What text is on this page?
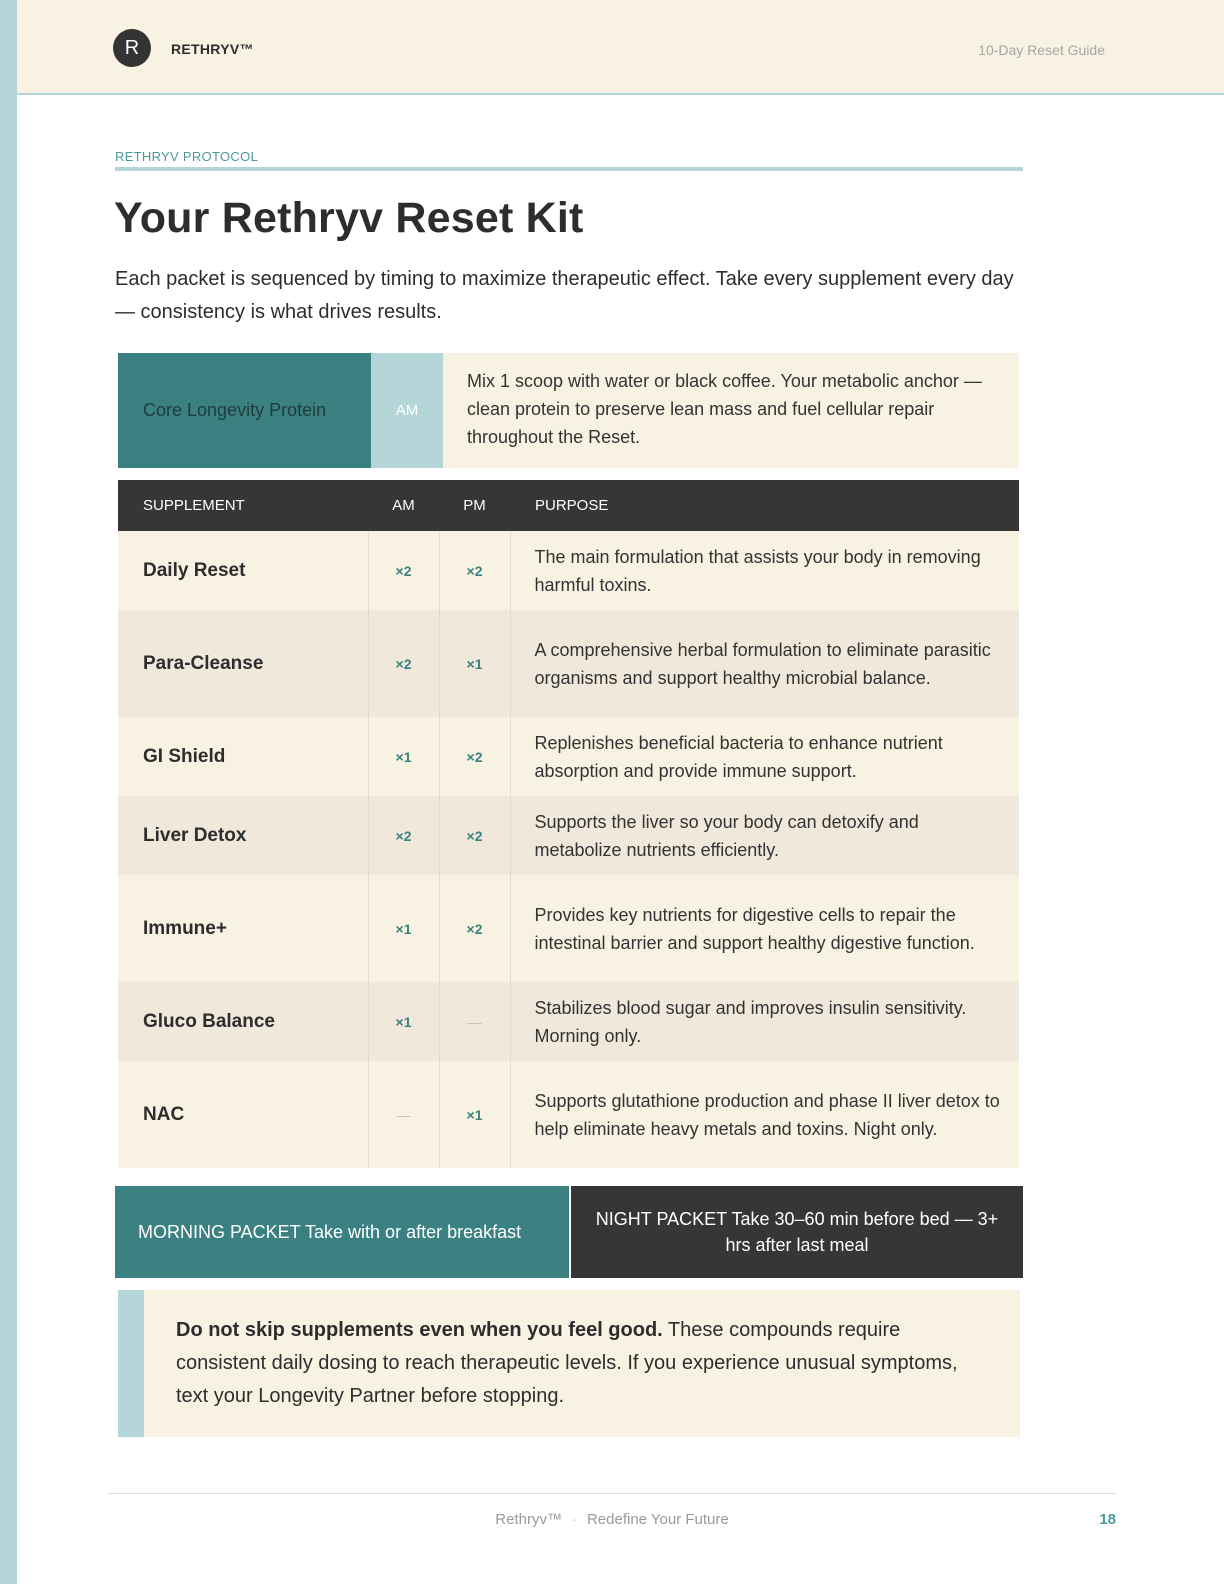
R	RETHRYV™	10-Day Reset Guide
RETHRYV PROTOCOL
Your Rethryv Reset Kit

Each packet is sequenced by timing to maximize therapeutic effect. Take every supplement every day — consistency is what drives results.

Core Longevity Protein	AM
Mix 1 scoop with water or black coffee. Your metabolic anchor — clean protein to preserve lean mass and fuel cellular repair throughout the Reset.
SUPPLEMENT	AM	PM	PURPOSE
Daily Reset	×2	×2	The main formulation that assists your body in removing harmful toxins.
Para-Cleanse	×2	×1	A comprehensive herbal formulation to eliminate parasitic organisms and support healthy microbial balance.
GI Shield	×1	×2	Replenishes beneficial bacteria to enhance nutrient absorption and provide immune support.
Liver Detox	×2	×2	Supports the liver so your body can detoxify and metabolize nutrients efficiently.
Immune+	×1	×2	Provides key nutrients for digestive cells to repair the intestinal barrier and support healthy digestive function.
Gluco Balance	×1	—	Stabilizes blood sugar and improves insulin sensitivity. Morning only.
NAC	—	×1	Supports glutathione production and phase II liver detox to help eliminate heavy metals and toxins. Night only.
MORNING PACKET Take with or after breakfast
NIGHT PACKET Take 30–60 min before bed — 3+ hrs after last meal
Do not skip supplements even when you feel good. These compounds require consistent daily dosing to reach therapeutic levels. If you experience unusual symptoms, text your Longevity Partner before stopping.
Rethryv™ · Redefine Your Future	18
